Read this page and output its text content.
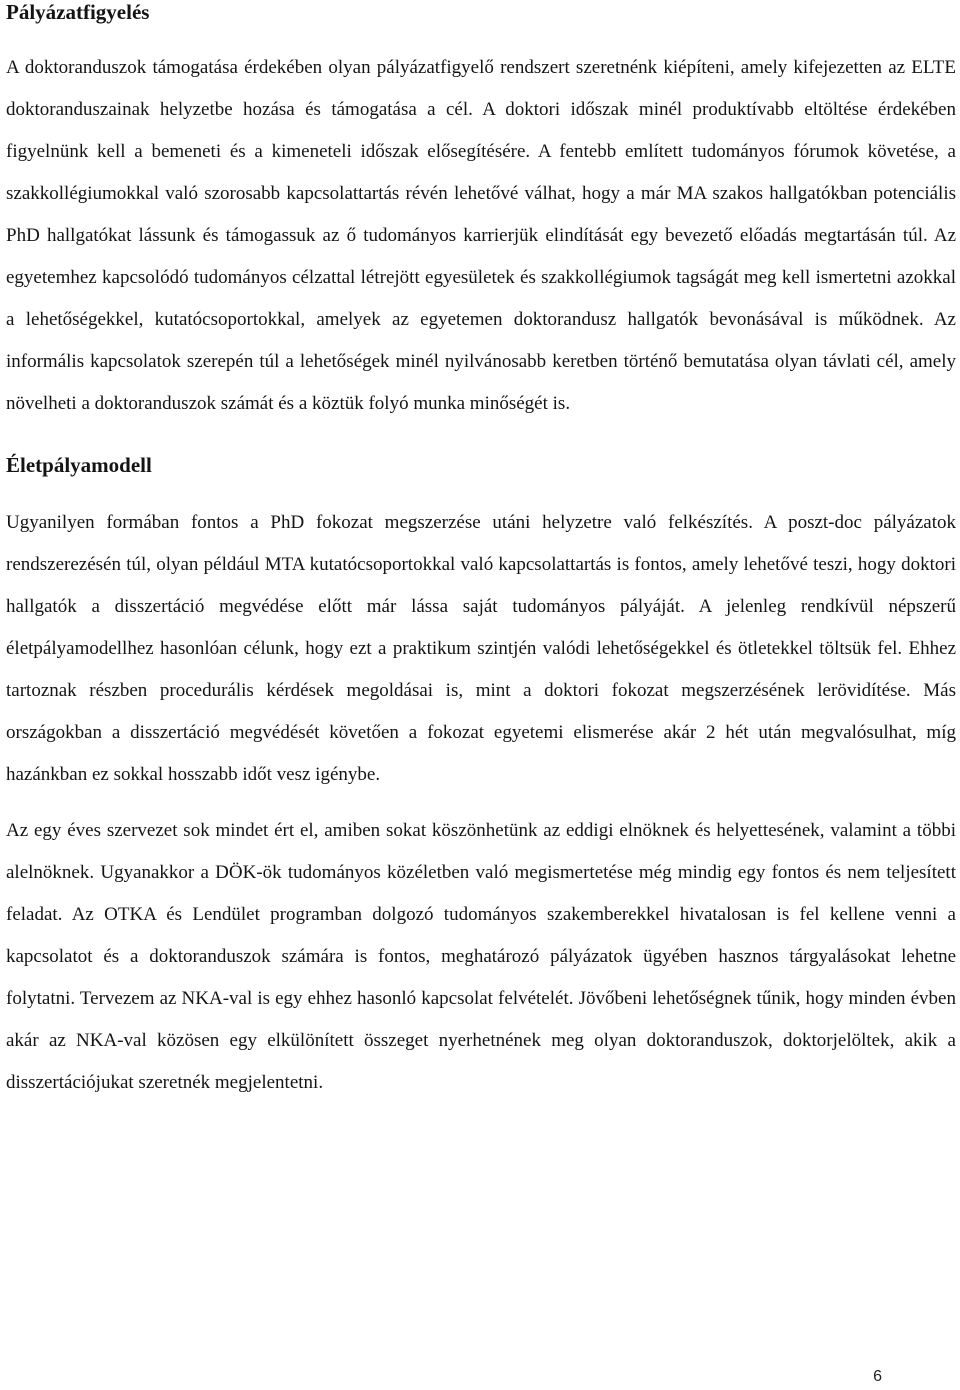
Pályázatfigyelés

A doktoranduszok támogatása érdekében olyan pályázatfigyelő rendszert szeretnénk kiépíteni, amely kifejezetten az ELTE doktoranduszainak helyzetbe hozása és támogatása a cél. A doktori időszak minél produktívabb eltöltése érdekében figyelnünk kell a bemeneti és a kimeneteli időszak elősegítésére. A fentebb említett tudományos fórumok követése, a szakkollégiumokkal való szorosabb kapcsolattartás révén lehetővé válhat, hogy a már MA szakos hallgatókban potenciális PhD hallgatókat lássunk és támogassuk az ő tudományos karrierjük elindítását egy bevezető előadás megtartásán túl. Az egyetemhez kapcsolódó tudományos célzattal létrejött egyesületek és szakkollégiumok tagságát meg kell ismertetni azokkal a lehetőségekkel, kutatócsoportokkal, amelyek az egyetemen doktorandusz hallgatók bevonásával is működnek. Az informális kapcsolatok szerepén túl a lehetőségek minél nyilvánosabb keretben történő bemutatása olyan távlati cél, amely növelheti a doktoranduszok számát és a köztük folyó munka minőségét is.

Életpályamodell

Ugyanilyen formában fontos a PhD fokozat megszerzése utáni helyzetre való felkészítés. A poszt-doc pályázatok rendszerezésén túl, olyan például MTA kutatócsoportokkal való kapcsolattartás is fontos, amely lehetővé teszi, hogy doktori hallgatók a disszertáció megvédése előtt már lássa saját tudományos pályáját. A jelenleg rendkívül népszerű életpályamodellhez hasonlóan célunk, hogy ezt a praktikum szintjén valódi lehetőségekkel és ötletekkel töltsük fel. Ehhez tartoznak részben procedurális kérdések megoldásai is, mint a doktori fokozat megszerzésének lerövidítése. Más országokban a disszertáció megvédését követően a fokozat egyetemi elismerése akár 2 hét után megvalósulhat, míg hazánkban ez sokkal hosszabb időt vesz igénybe.

Az egy éves szervezet sok mindet ért el, amiben sokat köszönhetünk az eddigi elnöknek és helyettesének, valamint a többi alelnöknek. Ugyanakkor a DÖK-ök tudományos közéletben való megismertetése még mindig egy fontos és nem teljesített feladat. Az OTKA és Lendület programban dolgozó tudományos szakemberekkel hivatalosan is fel kellene venni a kapcsolatot és a doktoranduszok számára is fontos, meghatározó pályázatok ügyében hasznos tárgyalásokat lehetne folytatni. Tervezem az NKA-val is egy ehhez hasonló kapcsolat felvételét. Jövőbeni lehetőségnek tűnik, hogy minden évben akár az NKA-val közösen egy elkülönített összeget nyerhetnének meg olyan doktoranduszok, doktorjelöltek, akik a disszertációjukat szeretnék megjelentetni.

6
